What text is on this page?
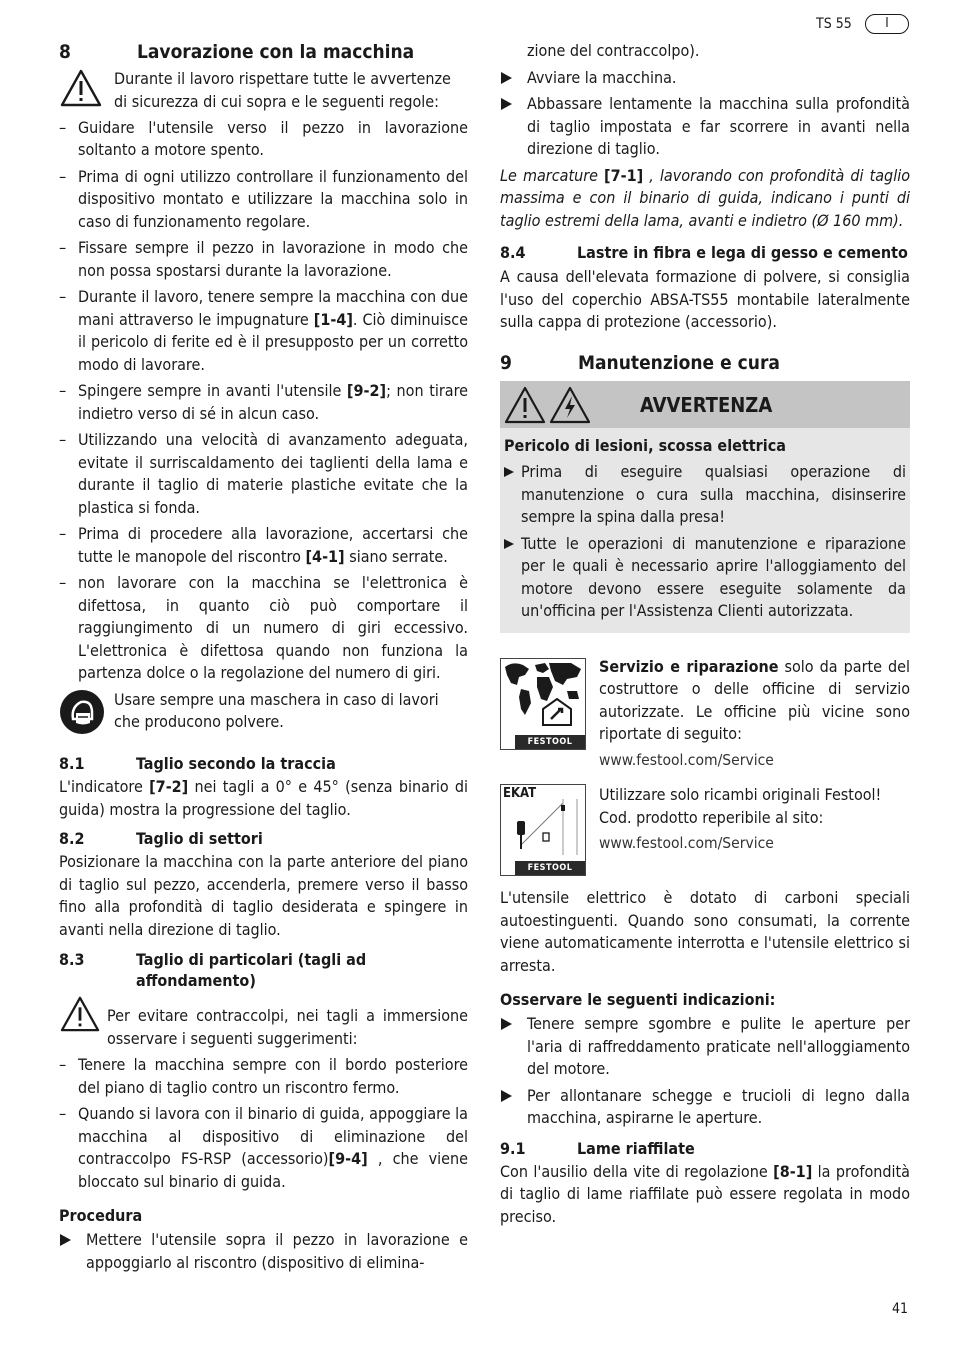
TS 55	I
8	Lavorazione con la macchina

Durante il lavoro rispettare tutte le avvertenze di sicurezza di cui sopra e le seguenti regole:

– Guidare l'utensile verso il pezzo in lavorazione soltanto a motore spento.
– Prima di ogni utilizzo controllare il funzionamento del dispositivo montato e utilizzare la macchina solo in caso di funzionamento regolare.
– Fissare sempre il pezzo in lavorazione in modo che non possa spostarsi durante la lavorazione.
– Durante il lavoro, tenere sempre la macchina con due mani attraverso le impugnature [1-4]. Ciò diminuisce il pericolo di ferite ed è il presupposto per un corretto modo di lavorare.
– Spingere sempre in avanti l'utensile [9-2]; non tirare indietro verso di sé in alcun caso.
– Utilizzando una velocità di avanzamento adeguata, evitate il surriscaldamento dei taglienti della lama e durante il taglio di materie plastiche evitate che la plastica si fonda.
– Prima di procedere alla lavorazione, accertarsi che tutte le manopole del riscontro [4-1] siano serrate.
– non lavorare con la macchina se l'elettronica è difettosa, in quanto ciò può comportare il raggiungimento di un numero di giri eccessivo. L'elettronica è difettosa quando non funziona la partenza dolce o la regolazione del numero di giri.

Usare sempre una maschera in caso di lavori che producono polvere.

8.1	Taglio secondo la traccia

L'indicatore [7-2] nei tagli a 0° e 45° (senza binario di guida) mostra la progressione del taglio.

8.2	Taglio di settori

Posizionare la macchina con la parte anteriore del piano di taglio sul pezzo, accenderla, premere verso il basso fino alla profondità di taglio desiderata e spingere in avanti nella direzione di taglio.

8.3	Taglio di particolari (tagli ad affondamento)

Per evitare contraccolpi, nei tagli a immersione osservare i seguenti suggerimenti:

– Tenere la macchina sempre con il bordo posteriore del piano di taglio contro un riscontro fermo.
– Quando si lavora con il binario di guida, appoggiare la macchina al dispositivo di eliminazione del contraccolpo FS-RSP (accessorio)[9-4] , che viene bloccato sul binario di guida.
Procedura
Mettere l'utensile sopra il pezzo in lavorazione e appoggiarlo al riscontro (dispositivo di elimina-
zione del contraccolpo).
Avviare la macchina.
Abbassare lentamente la macchina sulla profondità di taglio impostata e far scorrere in avanti nella direzione di taglio.

Le marcature [7-1] , lavorando con profondità di taglio massima e con il binario di guida, indicano i punti di taglio estremi della lama, avanti e indietro (Ø 160 mm).

8.4	Lastre in fibra e lega di gesso e cemento

A causa dell'elevata formazione di polvere, si consiglia l'uso del coperchio ABSA-TS55 montabile lateralmente sulla cappa di protezione (accessorio).

9	Manutenzione e cura
AVVERTENZA
Pericolo di lesioni, scossa elettrica
Prima di eseguire qualsiasi operazione di manutenzione o cura sulla macchina, disinserire sempre la spina dalla presa!
Tutte le operazioni di manutenzione e riparazione per le quali è necessario aprire l'alloggiamento del motore devono essere eseguite solamente da un'officina per l'Assistenza Clienti autorizzata.
FESTOOL

Servizio e riparazione solo da parte del costruttore o delle officine di servizio autorizzate. Le officine più vicine sono riportate di seguito:

www.festool.com/Service
EKAT
FESTOOL

Utilizzare solo ricambi originali Festool! Cod. prodotto reperibile al sito:

www.festool.com/Service

L'utensile elettrico è dotato di carboni speciali autoestinguenti. Quando sono consumati, la corrente viene automaticamente interrotta e l'utensile elettrico si arresta.

Osservare le seguenti indicazioni:
Tenere sempre sgombre e pulite le aperture per l'aria di raffreddamento praticate nell'alloggiamento del motore.
Per allontanare schegge e trucioli di legno dalla macchina, aspirarne le aperture.
9.1	Lame riaffilate

Con l'ausilio della vite di regolazione [8-1] la profondità di taglio di lame riaffilate può essere regolata in modo preciso.

41
